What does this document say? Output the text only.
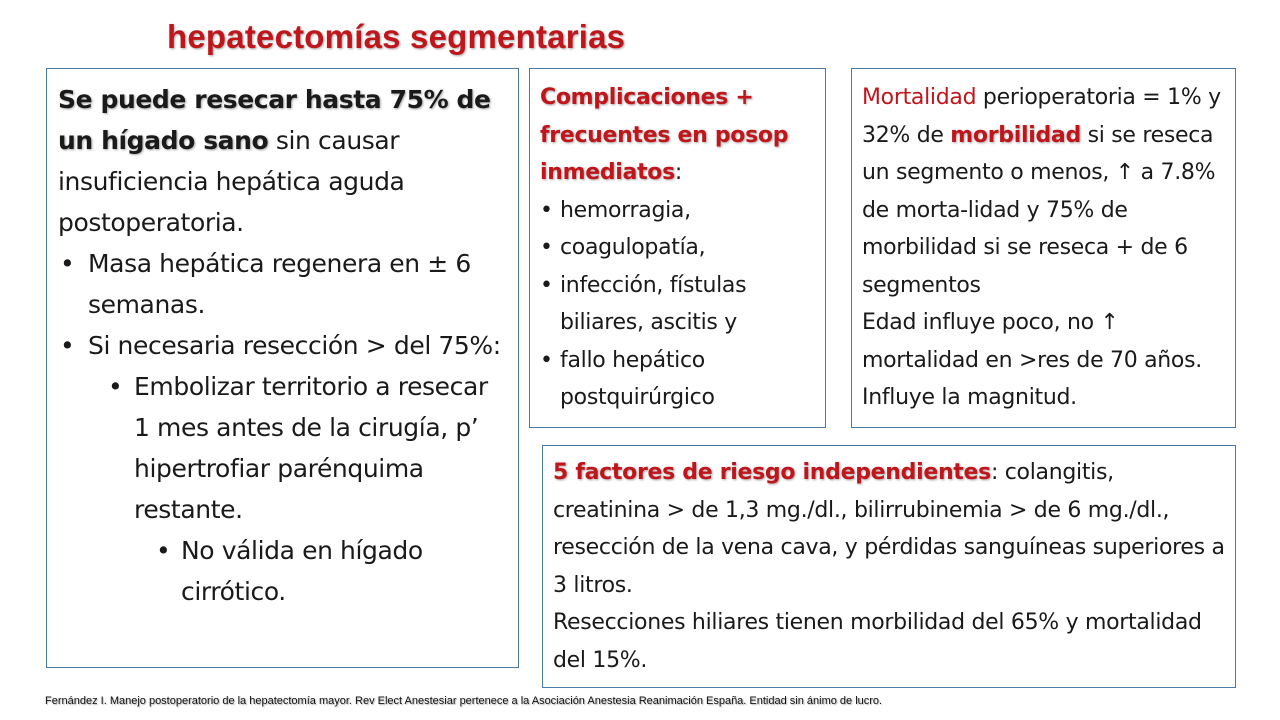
hepatectomías segmentarias
Se puede resecar hasta 75% de un hígado sano sin causar insuficiencia hepática aguda postoperatoria.
• Masa hepática regenera en ± 6 semanas.
• Si necesaria resección > del 75%:
• Embolizar territorio a resecar 1 mes antes de la cirugía, p’ hipertrofiar parénquima restante.
• No válida en hígado cirrótico.
Complicaciones + frecuentes en posop inmediatos:
• hemorragia,
• coagulopatía,
• infección, fístulas biliares, ascitis y
• fallo hepático postquirúrgico
Mortalidad perioperatoria = 1% y 32% de morbilidad si se reseca un segmento o menos, ↑ a 7.8% de morta-lidad y 75% de morbilidad si se reseca + de 6 segmentos
Edad influye poco, no ↑ mortalidad en >res de 70 años. Influye la magnitud.
5 factores de riesgo independientes: colangitis, creatinina > de 1,3 mg./dl., bilirrubinemia > de 6 mg./dl., resección de la vena cava, y pérdidas sanguíneas superiores a 3 litros.
Resecciones hiliares tienen morbilidad del 65% y mortalidad del 15%.
Fernández I. Manejo postoperatorio de la hepatectomía mayor. Rev Elect Anestesiar pertenece a la Asociación Anestesia Reanimación España. Entidad sin ánimo de lucro.
